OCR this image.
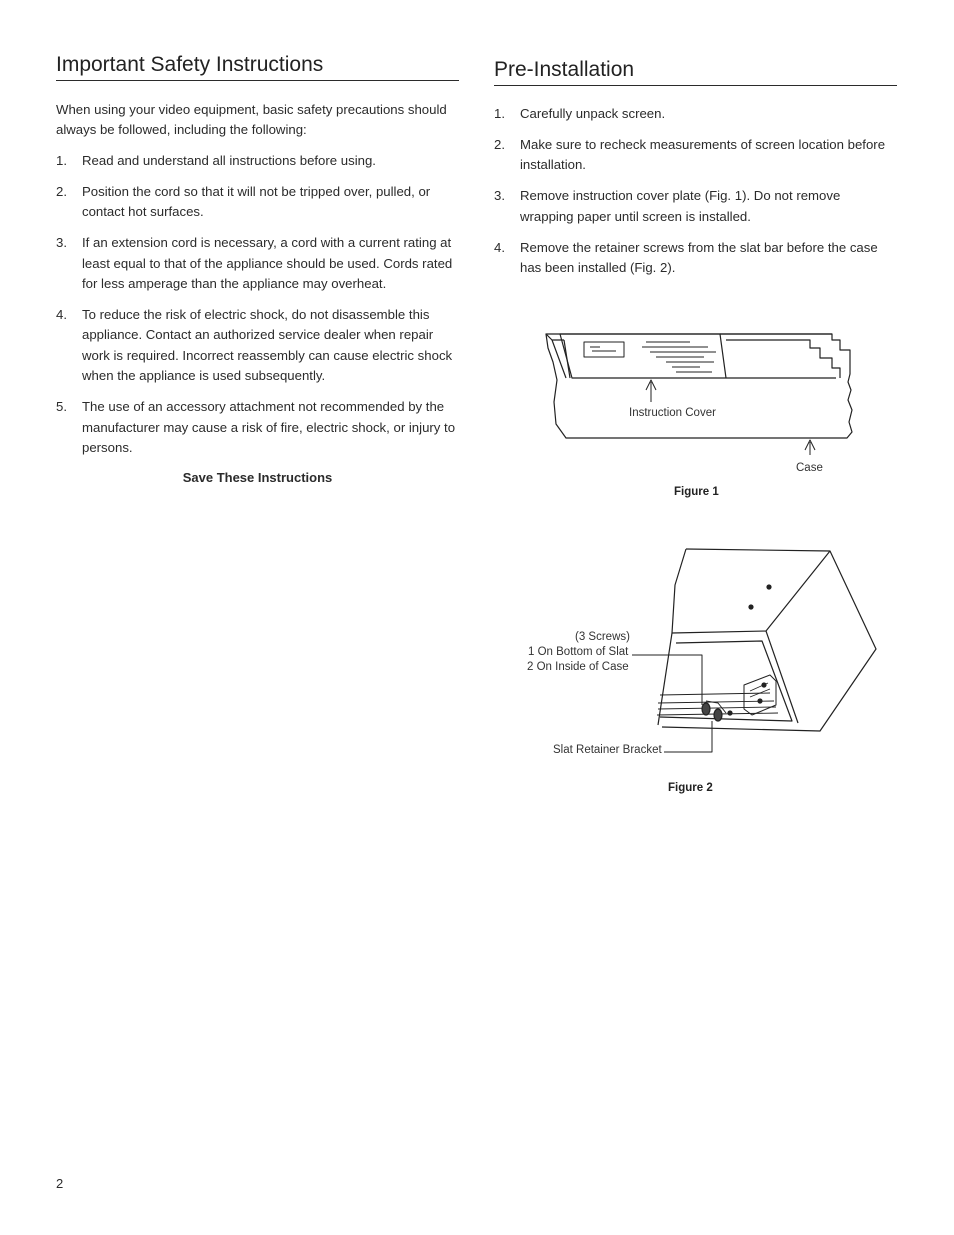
Important Safety Instructions

When using your video equipment, basic safety precautions should always be followed, including the following:

1. Read and understand all instructions before using.
2. Position the cord so that it will not be tripped over, pulled, or contact hot surfaces.
3. If an extension cord is necessary, a cord with a current rating at least equal to that of the appliance should be used. Cords rated for less amperage than the appliance may overheat.
4. To reduce the risk of electric shock, do not disassemble this appliance. Contact an authorized service dealer when repair work is required. Incorrect reassembly can cause electric shock when the appliance is used subsequently.
5. The use of an accessory attachment not recommended by the manufacturer may cause a risk of fire, electric shock, or injury to persons.
Save These Instructions
Pre-Installation
1. Carefully unpack screen.
2. Make sure to recheck measurements of screen location before installation.
3. Remove instruction cover plate (Fig. 1). Do not remove wrapping paper until screen is installed.
4. Remove the retainer screws from the slat bar before the case has been installed (Fig. 2).
Instruction Cover
Case
Figure 1
(3 Screws)
1 On Bottom of Slat
2 On Inside of Case
Slat Retainer Bracket
Figure 2
2
